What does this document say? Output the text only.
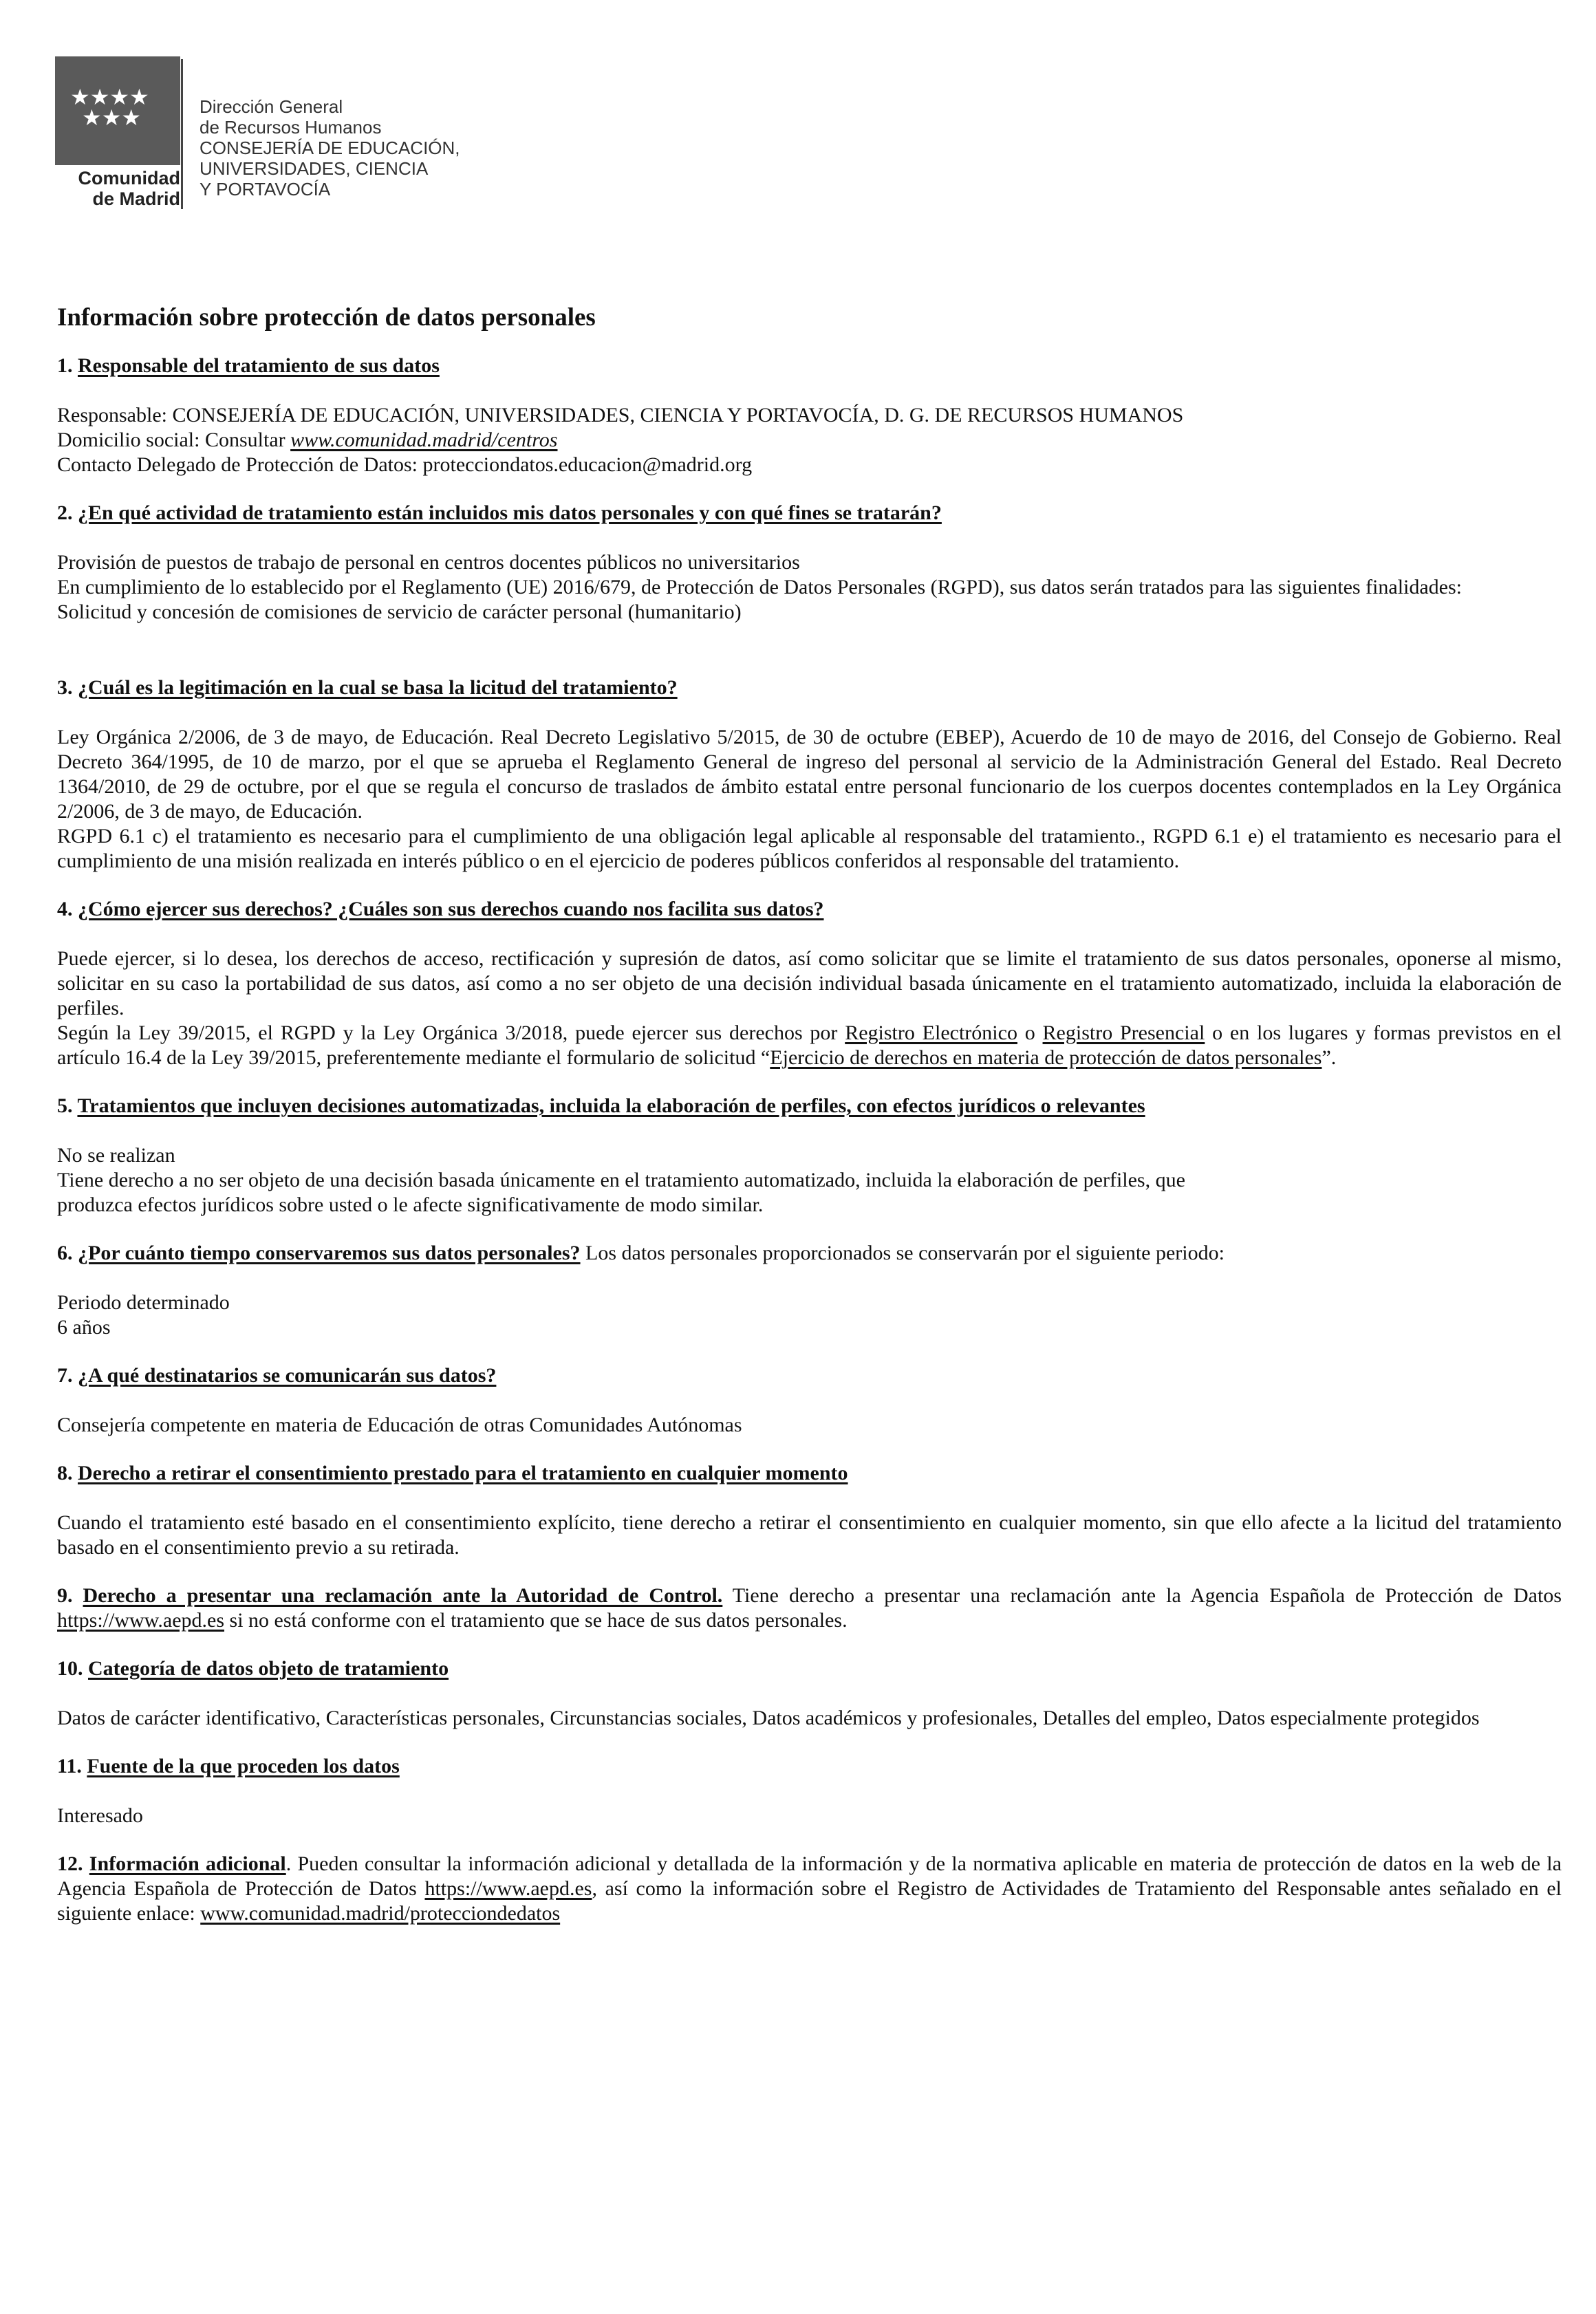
★★★★
★★★
Comunidad
de Madrid
Dirección General
de Recursos Humanos
CONSEJERÍA DE EDUCACIÓN,
UNIVERSIDADES, CIENCIA
Y PORTAVOCÍA
Información sobre protección de datos personales
1. Responsable del tratamiento de sus datos

Responsable: CONSEJERÍA DE EDUCACIÓN, UNIVERSIDADES, CIENCIA Y PORTAVOCÍA, D. G. DE RECURSOS HUMANOS

Domicilio social: Consultar www.comunidad.madrid/centros

Contacto Delegado de Protección de Datos: protecciondatos.educacion@madrid.org

2. ¿En qué actividad de tratamiento están incluidos mis datos personales y con qué fines se tratarán?

Provisión de puestos de trabajo de personal en centros docentes públicos no universitarios

En cumplimiento de lo establecido por el Reglamento (UE) 2016/679, de Protección de Datos Personales (RGPD), sus datos serán tratados para las siguientes finalidades:

Solicitud y concesión de comisiones de servicio de carácter personal (humanitario)

3. ¿Cuál es la legitimación en la cual se basa la licitud del tratamiento?

Ley Orgánica 2/2006, de 3 de mayo, de Educación. Real Decreto Legislativo 5/2015, de 30 de octubre (EBEP), Acuerdo de 10 de mayo de 2016, del Consejo de Gobierno. Real Decreto 364/1995, de 10 de marzo, por el que se aprueba el Reglamento General de ingreso del personal al servicio de la Administración General del Estado. Real Decreto 1364/2010, de 29 de octubre, por el que se regula el concurso de traslados de ámbito estatal entre personal funcionario de los cuerpos docentes contemplados en la Ley Orgánica 2/2006, de 3 de mayo, de Educación.

RGPD 6.1 c) el tratamiento es necesario para el cumplimiento de una obligación legal aplicable al responsable del tratamiento., RGPD 6.1 e) el tratamiento es necesario para el cumplimiento de una misión realizada en interés público o en el ejercicio de poderes públicos conferidos al responsable del tratamiento.

4. ¿Cómo ejercer sus derechos? ¿Cuáles son sus derechos cuando nos facilita sus datos?

Puede ejercer, si lo desea, los derechos de acceso, rectificación y supresión de datos, así como solicitar que se limite el tratamiento de sus datos personales, oponerse al mismo, solicitar en su caso la portabilidad de sus datos, así como a no ser objeto de una decisión individual basada únicamente en el tratamiento automatizado, incluida la elaboración de perfiles.

Según la Ley 39/2015, el RGPD y la Ley Orgánica 3/2018, puede ejercer sus derechos por Registro Electrónico o Registro Presencial o en los lugares y formas previstos en el artículo 16.4 de la Ley 39/2015, preferentemente mediante el formulario de solicitud “Ejercicio de derechos en materia de protección de datos personales”.

5. Tratamientos que incluyen decisiones automatizadas, incluida la elaboración de perfiles, con efectos jurídicos o relevantes

No se realizan

Tiene derecho a no ser objeto de una decisión basada únicamente en el tratamiento automatizado, incluida la elaboración de perfiles, que

produzca efectos jurídicos sobre usted o le afecte significativamente de modo similar.

6. ¿Por cuánto tiempo conservaremos sus datos personales? Los datos personales proporcionados se conservarán por el siguiente periodo:

Periodo determinado

6 años

7. ¿A qué destinatarios se comunicarán sus datos?

Consejería competente en materia de Educación de otras Comunidades Autónomas

8. Derecho a retirar el consentimiento prestado para el tratamiento en cualquier momento

Cuando el tratamiento esté basado en el consentimiento explícito, tiene derecho a retirar el consentimiento en cualquier momento, sin que ello afecte a la licitud del tratamiento basado en el consentimiento previo a su retirada.

9. Derecho a presentar una reclamación ante la Autoridad de Control. Tiene derecho a presentar una reclamación ante la Agencia Española de Protección de Datos https://www.aepd.es si no está conforme con el tratamiento que se hace de sus datos personales.

10. Categoría de datos objeto de tratamiento

Datos de carácter identificativo, Características personales, Circunstancias sociales, Datos académicos y profesionales, Detalles del empleo, Datos especialmente protegidos

11. Fuente de la que proceden los datos

Interesado

12. Información adicional. Pueden consultar la información adicional y detallada de la información y de la normativa aplicable en materia de protección de datos en la web de la Agencia Española de Protección de Datos https://www.aepd.es, así como la información sobre el Registro de Actividades de Tratamiento del Responsable antes señalado en el siguiente enlace: www.comunidad.madrid/protecciondedatos
